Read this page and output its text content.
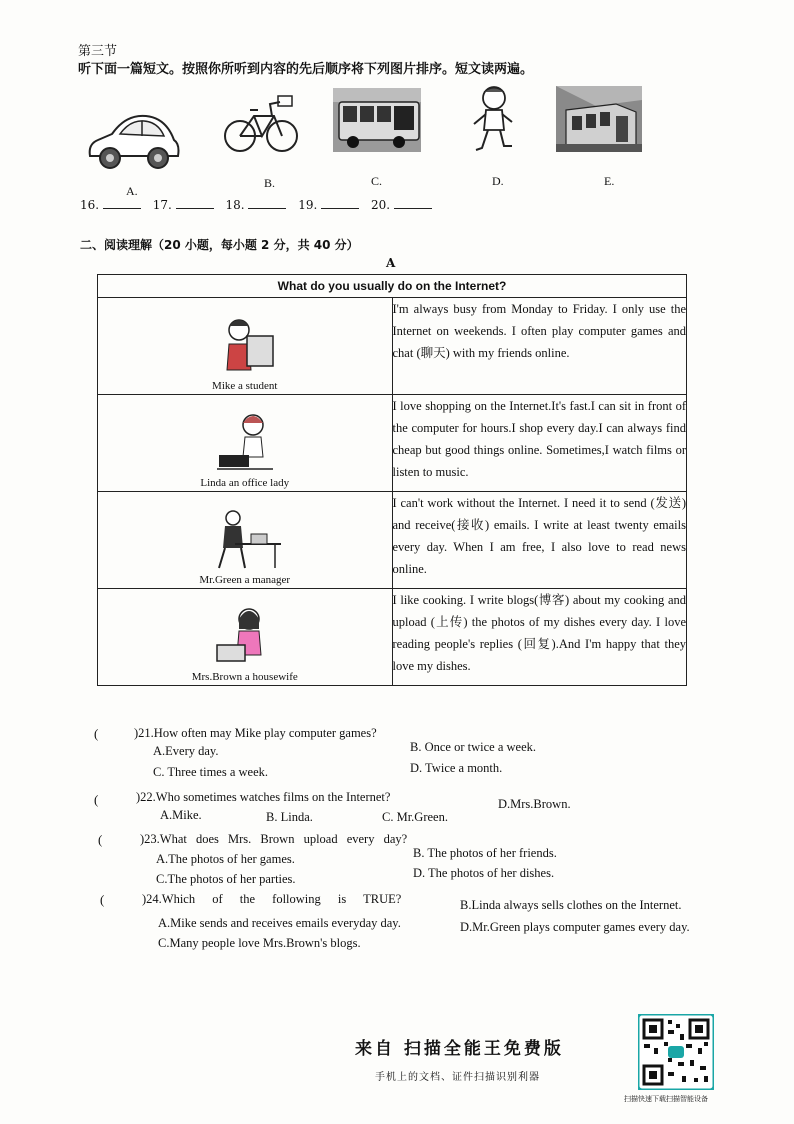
第三节
听下面一篇短文。按照你所听到内容的先后顺序将下列图片排序。短文读两遍。
A.
B.	C.	D.	E.
16.	17.	18.	19.	20.
二、阅读理解（20 小题，每小题 2 分，共 40 分）
A
What do you usually do on the Internet?	

Mike a student	I'm always busy from Monday to Friday. I only use the Internet on weekends. I often play computer games and chat (聊天) with my friends online.

Linda an office lady	I love shopping on the Internet.It's fast.I can sit in front of the computer for hours.I shop every day.I can always find cheap but good things online. Sometimes,I watch films or listen to music.

Mr.Green a manager	I can't work without the Internet. I need it to send (发送) and receive(接收) emails. I write at least twenty emails every day. When I am free, I also love to read news online.

Mrs.Brown a housewife	I like cooking. I write blogs(博客) about my cooking and upload (上传) the photos of my dishes every day. I love reading people's replies (回复).And I'm happy that they love my dishes.
(	)21.How often may Mike play computer games?
A.Every day.	B. Once or twice a week.
C. Three times a week.	D. Twice a month.
(	)22.Who sometimes watches films on the Internet?
A.Mike.	B. Linda.	C. Mr.Green.
D.Mrs.Brown.
(	)23.What does Mrs. Brown upload every day?
A.The photos of her games.	B. The photos of her friends.
C.The photos of her parties.	D. The photos of her dishes.
(	)24.Which of the following is TRUE?
A.Mike sends and receives emails everyday day.
B.Linda always sells clothes on the Internet.
C.Many people love Mrs.Brown's blogs.
D.Mr.Green plays computer games every day.
来自 扫描全能王免费版
手机上的文档、证件扫描识别利器
扫描快速下载扫描智能设备
